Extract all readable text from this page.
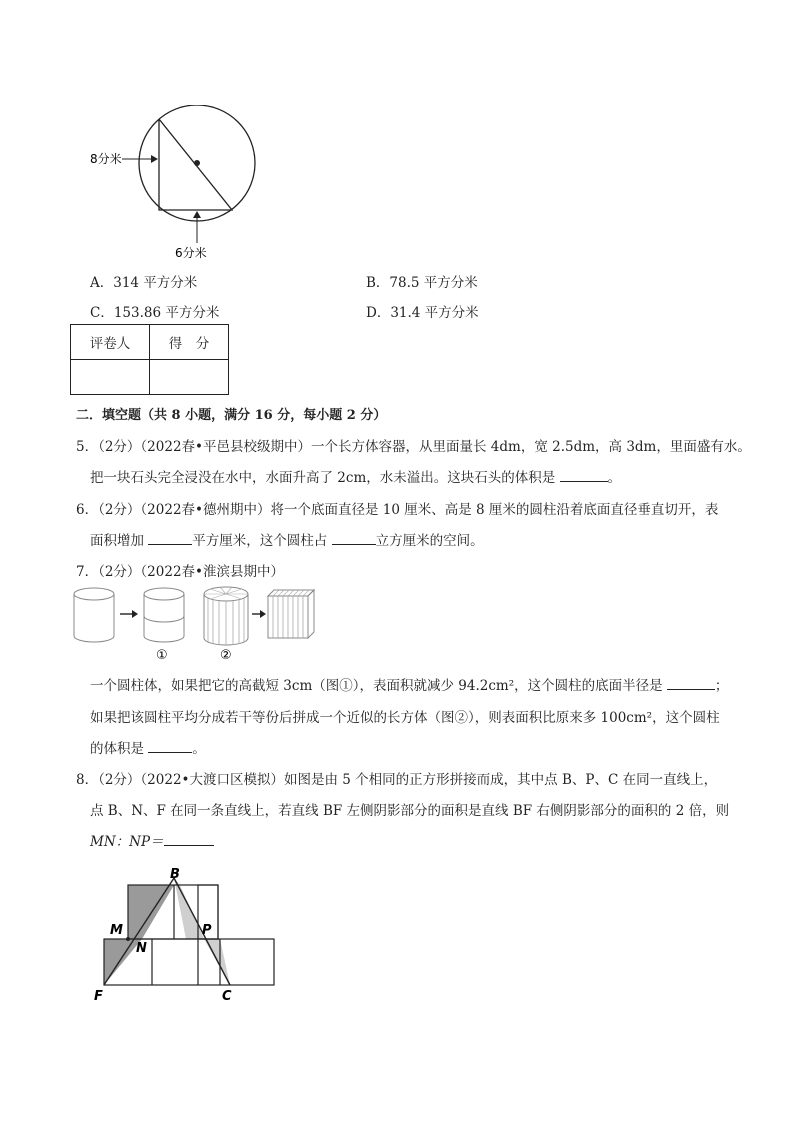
8分米
6分米
A．314 平方分米	B．78.5 平方分米
C．153.86 平方分米	D．31.4 平方分米
评卷人	得　分

二．填空题（共 8 小题，满分 16 分，每小题 2 分）
5．（2分）（2022春•平邑县校级期中）一个长方体容器，从里面量长 4dm，宽 2.5dm，高 3dm，里面盛有水。
把一块石头完全浸没在水中，水面升高了 2cm，水未溢出。这块石头的体积是	。
6．（2分）（2022春•德州期中）将一个底面直径是 10 厘米、高是 8 厘米的圆柱沿着底面直径垂直切开，表
面积增加	平方厘米，这个圆柱占	立方厘米的空间。
7．（2分）（2022春•淮滨县期中）
①	②
一个圆柱体，如果把它的高截短 3cm（图①），表面积就减少 94.2cm²，这个圆柱的底面半径是	；
如果把该圆柱平均分成若干等份后拼成一个近似的长方体（图②），则表面积比原来多 100cm²，这个圆柱
的体积是	。
8．（2分）（2022•大渡口区模拟）如图是由 5 个相同的正方形拼接而成，其中点 B、P、C 在同一直线上，
点 B、N、F 在同一条直线上，若直线 BF 左侧阴影部分的面积是直线 BF 右侧阴影部分的面积的 2 倍，则
MN：NP＝
B
M
N
P
F	C
